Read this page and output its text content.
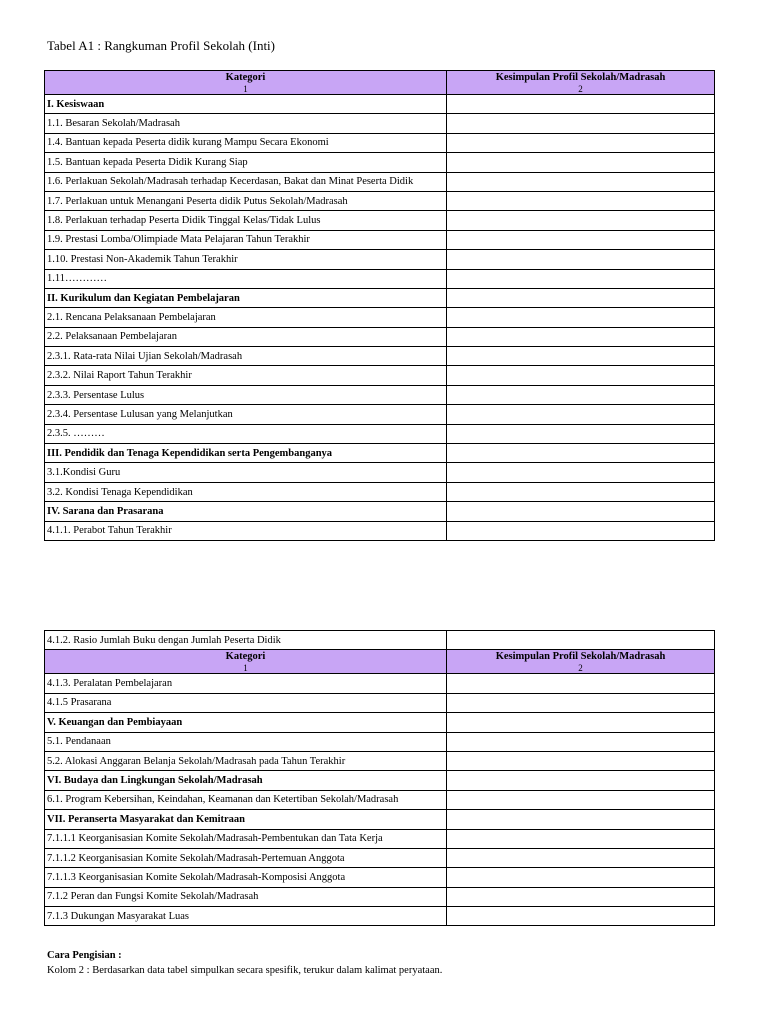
Tabel A1 : Rangkuman Profil Sekolah (Inti)
Kategori	Kesimpulan Profil Sekolah/Madrasah
1	2
I. Kesiswaan	
1.1. Besaran Sekolah/Madrasah	
1.4. Bantuan kepada Peserta didik kurang Mampu Secara Ekonomi	
1.5. Bantuan kepada Peserta Didik Kurang Siap	
1.6. Perlakuan Sekolah/Madrasah terhadap Kecerdasan, Bakat dan Minat Peserta Didik	
1.7. Perlakuan untuk Menangani Peserta didik Putus Sekolah/Madrasah	
1.8. Perlakuan terhadap Peserta Didik Tinggal Kelas/Tidak Lulus	
1.9. Prestasi Lomba/Olimpiade Mata Pelajaran Tahun Terakhir	
1.10. Prestasi Non-Akademik Tahun Terakhir	
1.11…………	
II. Kurikulum dan Kegiatan Pembelajaran	
2.1. Rencana Pelaksanaan Pembelajaran	
2.2. Pelaksanaan Pembelajaran	
2.3.1. Rata-rata Nilai Ujian Sekolah/Madrasah	
2.3.2. Nilai Raport Tahun Terakhir	
2.3.3. Persentase Lulus	
2.3.4. Persentase Lulusan yang Melanjutkan	
2.3.5. ………	
III. Pendidik dan Tenaga Kependidikan serta Pengembanganya	
3.1.Kondisi Guru	
3.2. Kondisi Tenaga Kependidikan	
IV. Sarana dan Prasarana	
4.1.1. Perabot Tahun Terakhir	
4.1.2. Rasio Jumlah Buku dengan Jumlah Peserta Didik	
Kategori	Kesimpulan Profil Sekolah/Madrasah
1	2
4.1.3. Peralatan Pembelajaran	
4.1.5 Prasarana	
V. Keuangan dan Pembiayaan	
5.1. Pendanaan	
5.2. Alokasi Anggaran Belanja Sekolah/Madrasah pada Tahun Terakhir	
VI. Budaya dan Lingkungan Sekolah/Madrasah	
6.1. Program Kebersihan, Keindahan, Keamanan dan Ketertiban Sekolah/Madrasah	
VII. Peranserta Masyarakat dan Kemitraan	
7.1.1.1 Keorganisasian Komite Sekolah/Madrasah-Pembentukan dan Tata Kerja	
7.1.1.2 Keorganisasian Komite Sekolah/Madrasah-Pertemuan Anggota	
7.1.1.3 Keorganisasian Komite Sekolah/Madrasah-Komposisi Anggota	
7.1.2 Peran dan Fungsi Komite Sekolah/Madrasah	
7.1.3 Dukungan Masyarakat Luas	
Cara Pengisian :
Kolom 2 : Berdasarkan data tabel simpulkan secara spesifik, terukur dalam kalimat peryataan.
